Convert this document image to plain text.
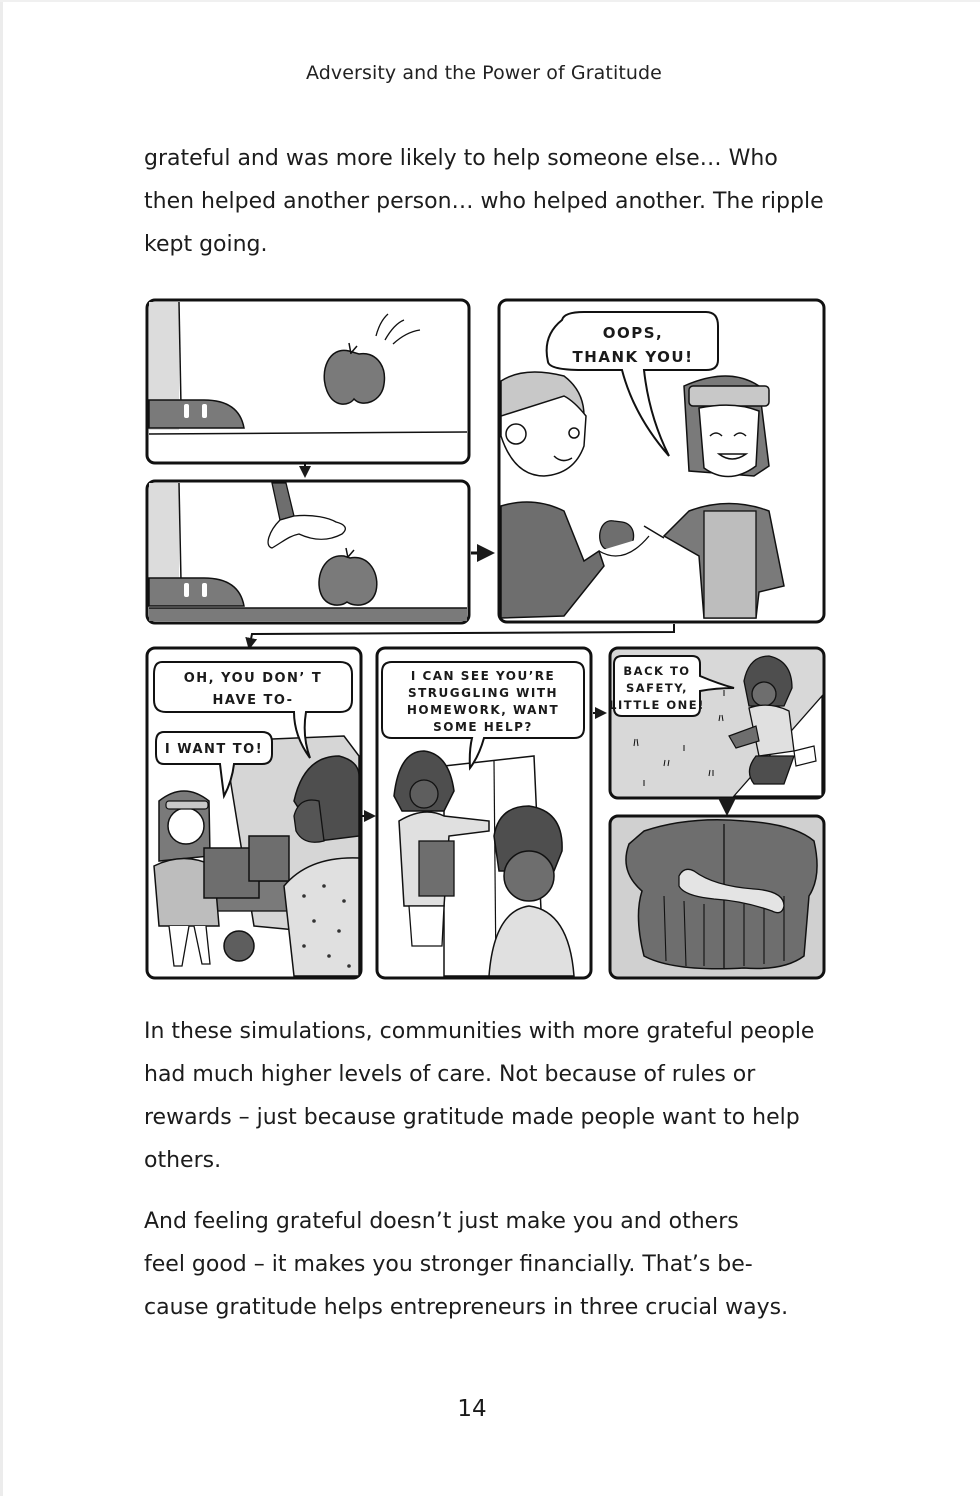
Adversity and the Power of Gratitude

grateful and was more likely to help someone else… Who
then helped another person… who helped another. The ripple
kept going.

OOPS,
THANK YOU!
OH, YOU DON’ T
HAVE TO-
I WANT TO!
I CAN SEE YOU’RE
STRUGGLING WITH
HOMEWORK, WANT
SOME HELP?
BACK TO
SAFETY,
LITTLE ONE!

In these simulations, communities with more grateful people
had much higher levels of care. Not because of rules or
rewards – just because gratitude made people want to help
others.

And feeling grateful doesn’t just make you and others
feel good – it makes you stronger financially. That’s be-
cause gratitude helps entrepreneurs in three crucial ways.

14
